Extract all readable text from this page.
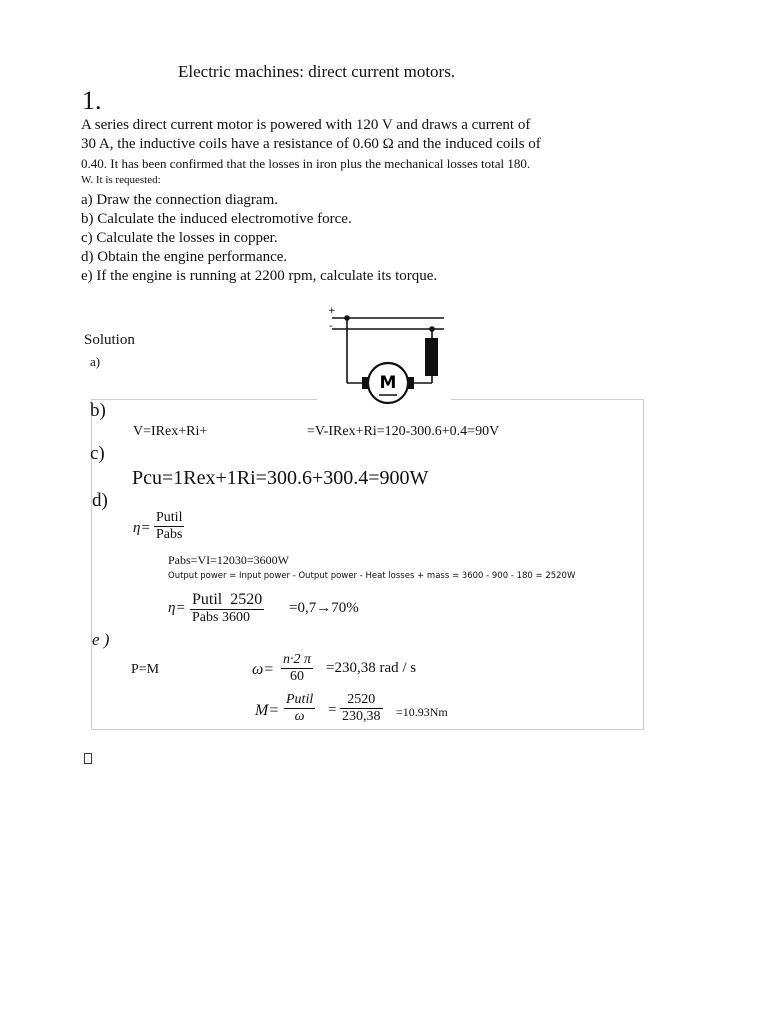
Electric machines: direct current motors.
1.
A series direct current motor is powered with 120 V and draws a current of
30 A, the inductive coils have a resistance of 0.60 Ω and the induced coils of
0.40. It has been confirmed that the losses in iron plus the mechanical losses total 180.
W. It is requested:
a) Draw the connection diagram.
b) Calculate the induced electromotive force.
c) Calculate the losses in copper.
d) Obtain the engine performance.
e) If the engine is running at 2200 rpm, calculate its torque.
Solution
a)
+
-
M
b)
V=IRex+Ri+	=V-IRex+Ri=120-300.6+0.4=90V
c)
Pcu=1Rex+1Ri=300.6+300.4=900W
d)
η=
Putil
Pabs
Pabs=VI=12030=3600W
Output power = Input power - Output power - Heat losses + mass = 3600 - 900 - 180 = 2520W
η= Putil 2520
Pabs 3600
=0,7→70%
e )
P=M	$\omega= \frac{n\cdot 2 \pi}{60} =230,38$ rad / s
M=
Putil
ω	= $\frac{2520}{230,38} =10.93Nm$
